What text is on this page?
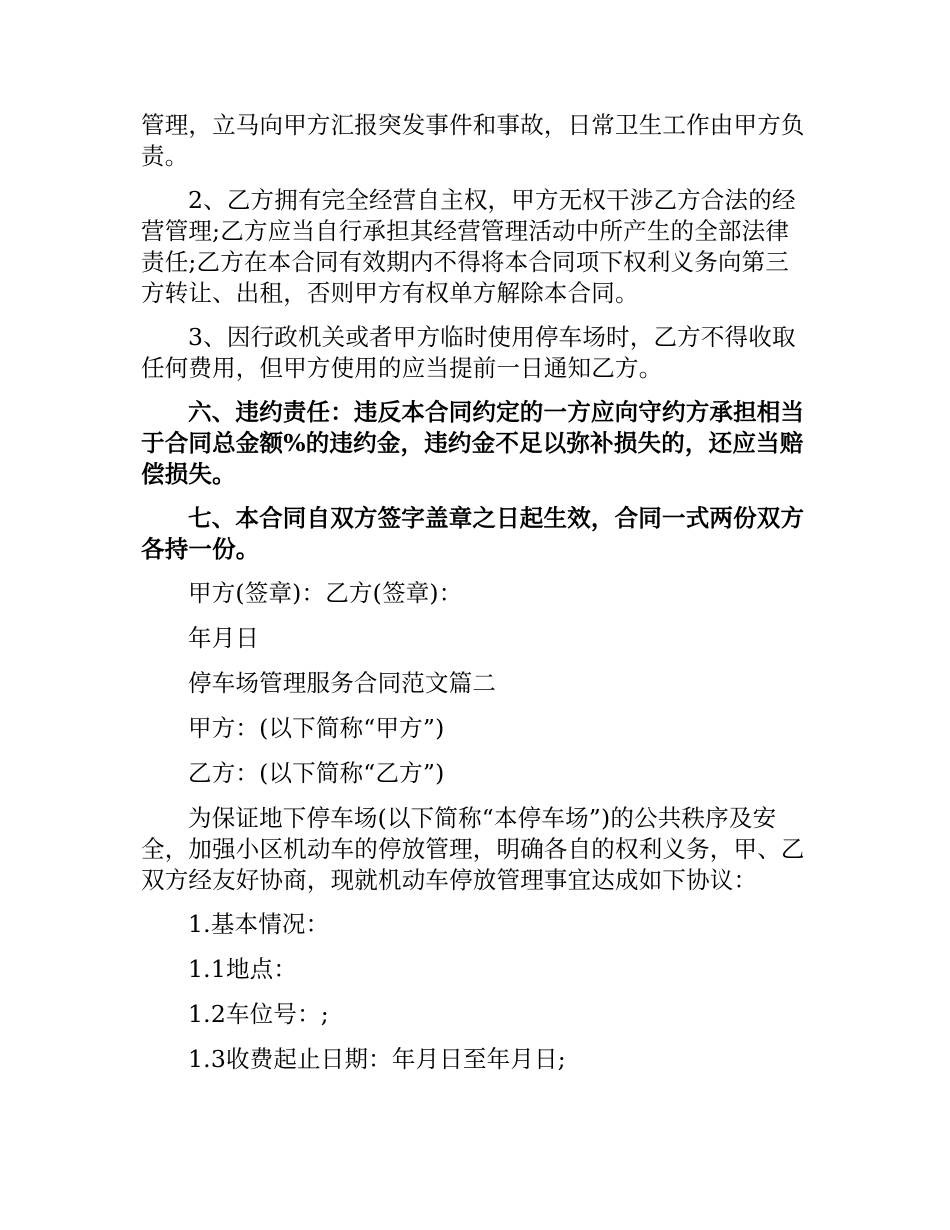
管理，立马向甲方汇报突发事件和事故，日常卫生工作由甲方负责。

2、乙方拥有完全经营自主权，甲方无权干涉乙方合法的经营管理;乙方应当自行承担其经营管理活动中所产生的全部法律责任;乙方在本合同有效期内不得将本合同项下权利义务向第三方转让、出租，否则甲方有权单方解除本合同。

3、因行政机关或者甲方临时使用停车场时，乙方不得收取任何费用，但甲方使用的应当提前一日通知乙方。

六、违约责任：违反本合同约定的一方应向守约方承担相当于合同总金额%的违约金，违约金不足以弥补损失的，还应当赔偿损失。

七、本合同自双方签字盖章之日起生效，合同一式两份双方各持一份。

甲方(签章)：乙方(签章)：

年月日

停车场管理服务合同范文篇二

甲方：(以下简称“甲方”)

乙方：(以下简称“乙方”)

为保证地下停车场(以下简称“本停车场”)的公共秩序及安全，加强小区机动车的停放管理，明确各自的权利义务，甲、乙双方经友好协商，现就机动车停放管理事宜达成如下协议：

1.基本情况：

1.1地点：

1.2车位号：;

1.3收费起止日期：年月日至年月日;
